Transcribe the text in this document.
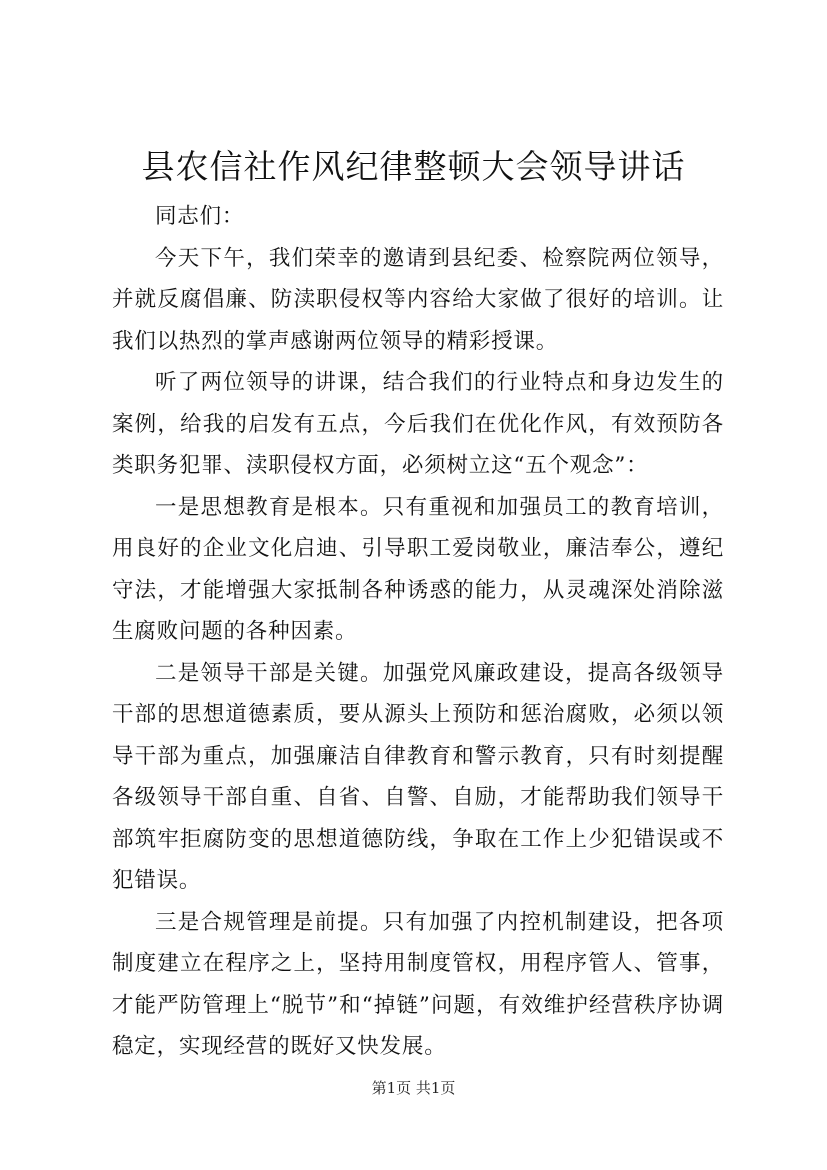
县农信社作风纪律整顿大会领导讲话

同志们：

今天下午，我们荣幸的邀请到县纪委、检察院两位领导，并就反腐倡廉、防渎职侵权等内容给大家做了很好的培训。让我们以热烈的掌声感谢两位领导的精彩授课。

听了两位领导的讲课，结合我们的行业特点和身边发生的案例，给我的启发有五点，今后我们在优化作风，有效预防各类职务犯罪、渎职侵权方面，必须树立这“五个观念”：

一是思想教育是根本。只有重视和加强员工的教育培训，用良好的企业文化启迪、引导职工爱岗敬业，廉洁奉公，遵纪守法，才能增强大家抵制各种诱惑的能力，从灵魂深处消除滋生腐败问题的各种因素。

二是领导干部是关键。加强党风廉政建设，提高各级领导干部的思想道德素质，要从源头上预防和惩治腐败，必须以领导干部为重点，加强廉洁自律教育和警示教育，只有时刻提醒各级领导干部自重、自省、自警、自励，才能帮助我们领导干部筑牢拒腐防变的思想道德防线，争取在工作上少犯错误或不犯错误。

三是合规管理是前提。只有加强了内控机制建设，把各项制度建立在程序之上，坚持用制度管权，用程序管人、管事，才能严防管理上“脱节”和“掉链”问题，有效维护经营秩序协调稳定，实现经营的既好又快发展。

第1页 共1页
